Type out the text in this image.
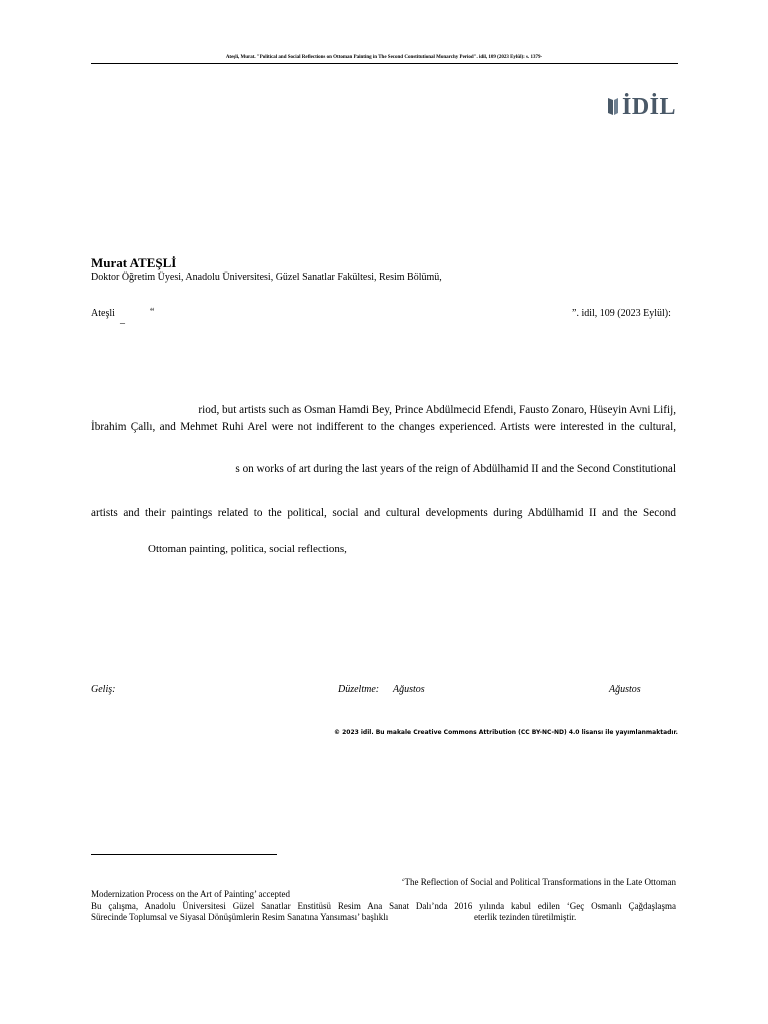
Ateşli, Murat. "Political and Social Reflections on Ottoman Painting in The Second Constitutional Monarchy Period". idil, 109 (2023 Eylül): s. 1379-
İDİL
Murat ATEŞLİ
Doktor Öğretim Üyesi, Anadolu Üniversitesi, Güzel Sanatlar Fakültesi, Resim Bölümü,
Ateşli	“	”. idil, 109 (2023 Eylül):
–
riod, but artists such as Osman Hamdi Bey, Prince Abdülmecid Efendi, Fausto Zonaro, Hüseyin Avni Lifij,
İbrahim Çallı, and Mehmet Ruhi Arel were not indifferent to the changes experienced. Artists were interested in the cultural,
s on works of art during the last years of the reign of Abdülhamid II and the Second Constitutional
artists and their paintings related to the political, social and cultural developments during Abdülhamid II and the Second
Ottoman painting, politica, social reflections,
Geliş:	Düzeltme: Ağustos	Ağustos
© 2023 idil. Bu makale Creative Commons Attribution (CC BY-NC-ND) 4.0 lisansı ile yayımlanmaktadır.
‘The Reflection of Social and Political Transformations in the Late Ottoman
Modernization Process on the Art of Painting’ accepted
Bu çalışma, Anadolu Üniversitesi Güzel Sanatlar Enstitüsü Resim Ana Sanat Dalı’nda 2016 yılında kabul edilen ‘Geç Osmanlı Çağdaşlaşma
Sürecinde Toplumsal ve Siyasal Dönüşümlerin Resim Sanatına Yansıması’ başlıklı	eterlik tezinden türetilmiştir.
